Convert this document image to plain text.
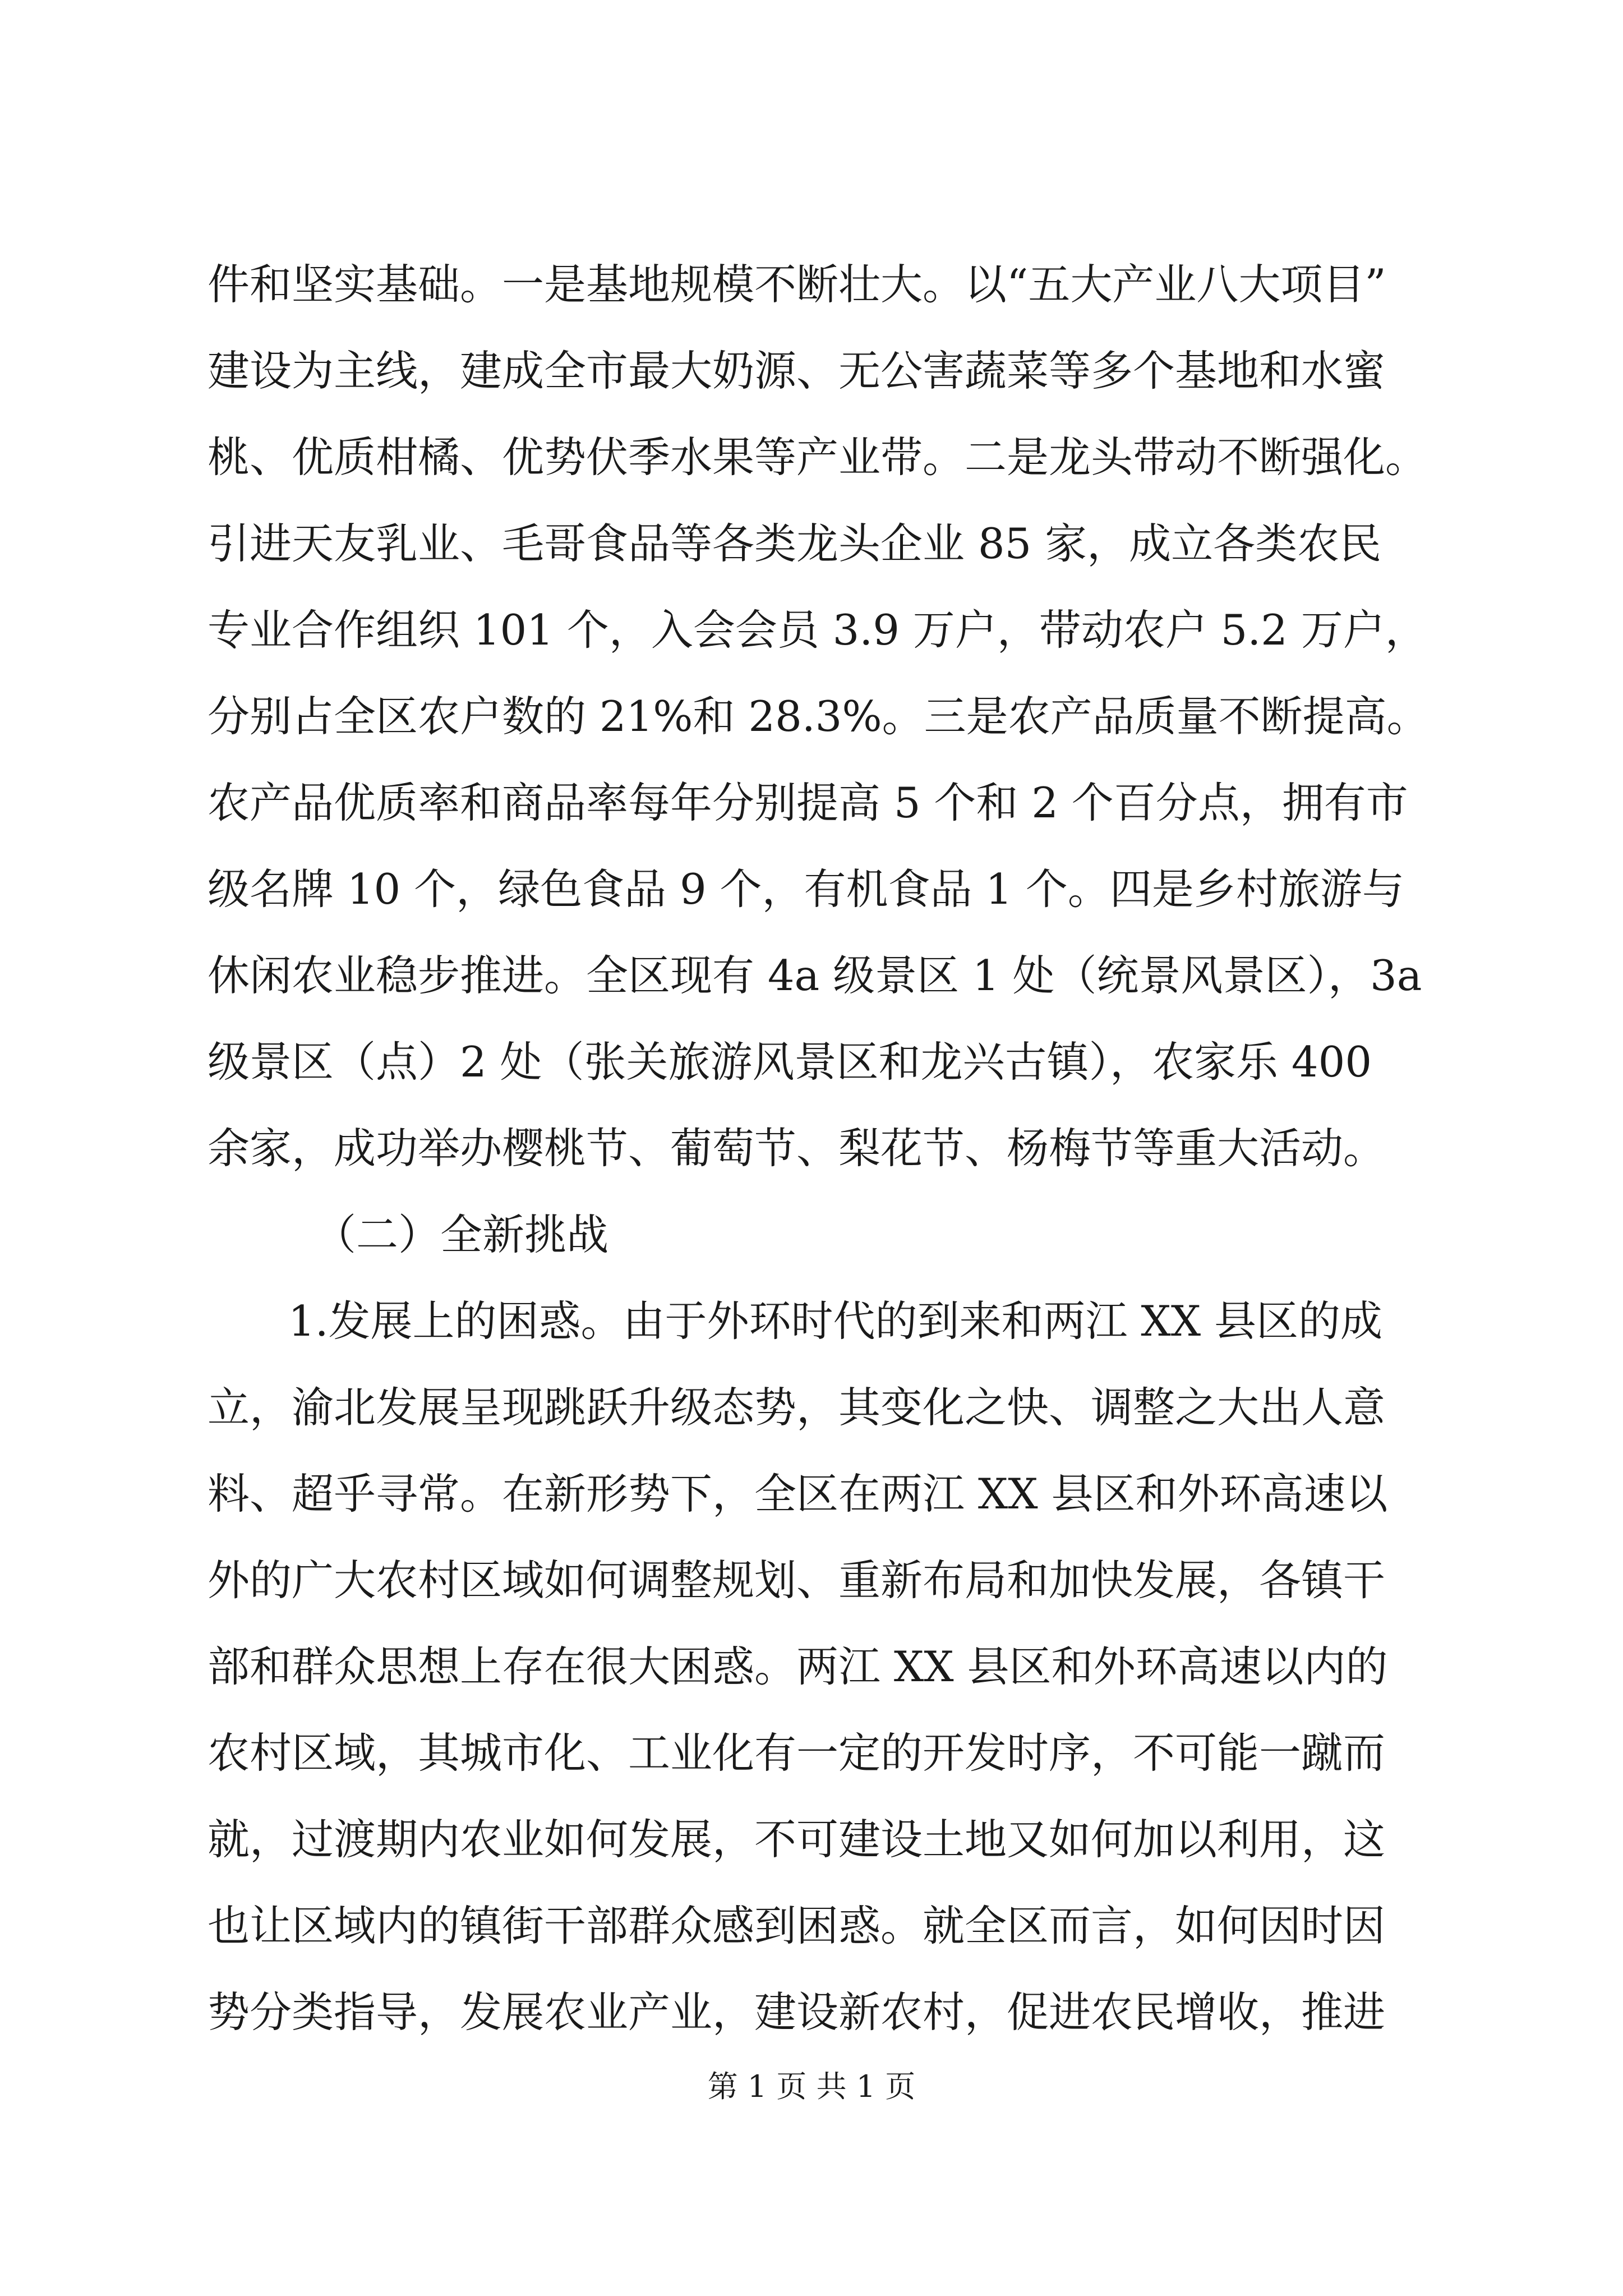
件和坚实基础。一是基地规模不断壮大。以“五大产业八大项目”
建设为主线，建成全市最大奶源、无公害蔬菜等多个基地和水蜜
桃、优质柑橘、优势伏季水果等产业带。二是龙头带动不断强化。
引进天友乳业、毛哥食品等各类龙头企业 85 家，成立各类农民
专业合作组织 101 个，入会会员 3.9 万户，带动农户 5.2 万户，
分别占全区农户数的 21%和 28.3%。三是农产品质量不断提高。
农产品优质率和商品率每年分别提高 5 个和 2 个百分点，拥有市
级名牌 10 个，绿色食品 9 个，有机食品 1 个。四是乡村旅游与
休闲农业稳步推进。全区现有 4a 级景区 1 处（统景风景区），3a
级景区（点）2 处（张关旅游风景区和龙兴古镇），农家乐 400
余家，成功举办樱桃节、葡萄节、梨花节、杨梅节等重大活动。
（二）全新挑战
1.发展上的困惑。由于外环时代的到来和两江 XX 县区的成
立，渝北发展呈现跳跃升级态势，其变化之快、调整之大出人意
料、超乎寻常。在新形势下，全区在两江 XX 县区和外环高速以
外的广大农村区域如何调整规划、重新布局和加快发展，各镇干
部和群众思想上存在很大困惑。两江 XX 县区和外环高速以内的
农村区域，其城市化、工业化有一定的开发时序，不可能一蹴而
就，过渡期内农业如何发展，不可建设土地又如何加以利用，这
也让区域内的镇街干部群众感到困惑。就全区而言，如何因时因
势分类指导，发展农业产业，建设新农村，促进农民增收，推进
第 1 页 共 1 页
